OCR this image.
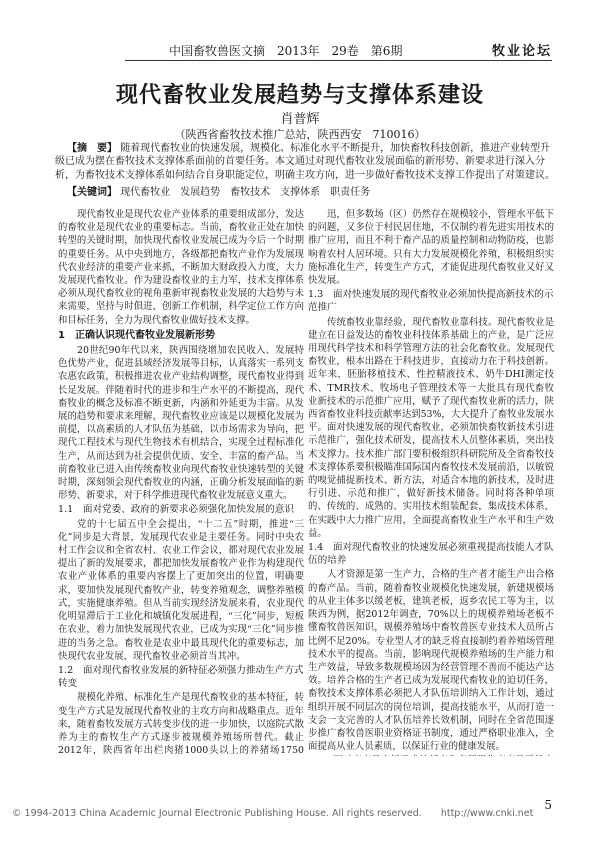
中国畜牧兽医文摘　2013年　29卷　第6期	牧业论坛
现代畜牧业发展趋势与支撑体系建设
肖普辉
（陕西省畜牧技术推广总站，陕西西安　710016）
【摘　要】 随着现代畜牧业的快速发展，规模化、标准化水平不断提升，加快畜牧科技创新，推进产业转型升级已成为摆在畜牧技术支撑体系面前的首要任务。本文通过对现代畜牧业发展面临的新形势、新要求进行深入分析，为畜牧技术支撑体系如何结合自身职能定位，明确主攻方向，进一步做好畜牧技术支撑工作提出了对策建议。
【关键词】 现代畜牧业　发展趋势　畜牧技术　支撑体系　职责任务

现代畜牧业是现代农业产业体系的重要组成部分，发达的畜牧业是现代农业的重要标志。当前，畜牧业正处在加快转型的关键时期，加快现代畜牧业发展已成为今后一个时期的重要任务。从中央到地方，各级都把畜牧产业作为发展现代农业经济的重要产业来抓，不断加大财政投入力度，大力发展现代畜牧业。作为建设畜牧业的主力军，技术支撑体系必须从现代畜牧业的视角重新审视畜牧业发展的大趋势与未来需要，坚持与时俱进，创新工作机制，科学定位工作方向和目标任务，全力为现代畜牧业做好技术支撑。

1　正确认识现代畜牧业发展新形势

20世纪90年代以来，陕西围绕增加农民收入、发展特色优势产业，促进县域经济发展等目标，认真落实一系列支农惠农政策，积极推进农业产业结构调整，现代畜牧业得到长足发展。伴随着时代的进步和生产水平的不断提高，现代畜牧业的概念及标准不断更新，内涵和外延更为丰富。从发展的趋势和要求来理解，现代畜牧业应该是以规模化发展为前提，以高素质的人才队伍为基础，以市场需求为导向，把现代工程技术与现代生物技术有机结合，实现全过程标准化生产，从而达到为社会提供优质、安全、丰富的畜产品。当前畜牧业已进入由传统畜牧业向现代畜牧业快速转型的关键时期，深刻领会现代畜牧业的内涵，正确分析发展面临的新形势、新要求，对于科学推进现代畜牧业发展意义重大。

1.1　面对党委、政府的新要求必须强化加快发展的意识

党的十七届五中全会提出，“十二五”时期，推进“三化”同步是大背景，发展现代农业是主要任务。同时中央农村工作会议和全省农村、农业工作会议，都对现代农业发展提出了新的发展要求，都把加快发展畜牧产业作为构建现代农业产业体系的重要内容摆上了更加突出的位置，明确要求，要加快发展现代畜牧产业，转变养殖观念，调整养殖模式，实施健康养殖。但从当前实现经济发展来看，农业现代化明显滞后于工业化和城镇化发展进程，“三化”同步，短板在农业，着力加快发展现代农业，已成为实现“三化”同步推进的当务之急。畜牧业是农业中最具现代化的重要标志，加快现代农业发展，现代畜牧业必须首当其冲。

1.2　面对现代畜牧业发展的新特征必须强力推动生产方式转变

规模化养殖、标准化生产是现代畜牧业的基本特征，转变生产方式是发展现代畜牧业的主攻方向和战略重点。近年来，随着畜牧发展方式转变步伐的进一步加快，以庭院式散养为主的畜牧生产方式逐步被规模养殖场所替代。截止2012年，陕西省年出栏肉猪1000头以上的养猪场1750

迅，但多数场（区）仍然存在规模较小，管理水平低下的问题，又多位于村民居住地，不仅制约着先进实用技术的推广应用，而且不利于畜产品的质量控制和动物防疫，也影响着农村人居环境。只有大力发展规模化养殖，积极组织实施标准化生产，转变生产方式，才能促进现代畜牧业又好又快发展。

1.3　面对快速发展的现代畜牧业必须加快提高新技术的示范推广

传统畜牧业靠经验，现代畜牧业靠科技。现代畜牧业是建立在日益发达的畜牧业科技体系基础上的产业，是广泛应用现代科学技术和科学管理方法的社会化畜牧业。发展现代畜牧业，根本出路在于科技进步，直接动力在于科技创新。近年来，胚胎移植技术、性控精液技术、奶牛DHI测定技术、TMR技术、牧场电子管理技术等一大批具有现代畜牧业新技术的示范推广应用，赋予了现代畜牧业新的活力，陕西省畜牧业科技贡献率达到53%，大大提升了畜牧业发展水平。面对快速发展的现代畜牧业，必须加快畜牧新技术引进示范推广，强化技术研发，提高技术人员整体素质，突出技术支撑力。技术推广部门要积极组织科研院所及全省畜牧技术支撑体系要积极瞄准国际国内畜牧技术发展前沿，以敏锐的嗅觉捕捉新技术、新方法，对适合本地的新技术，及时进行引进、示范和推广，做好新技术储备。同时将各种单项的、传统的、成熟的、实用技术组装配套，集成技术体系，在实践中大力推广应用，全面提高畜牧业生产水平和生产效益。

1.4　面对现代畜牧业的快速发展必须重视提高技能人才队伍的培养

人才资源是第一生产力，合格的生产者才能生产出合格的畜产品。当前，随着畜牧业规模化快速发展，新建规模场的从业主体多以缓老板，建筑老板，返乡农民工等为主，以陕西为例，据2012年调查，70%以上的规模养殖场老板不懂畜牧兽医知识，规模养殖场中畜牧兽医专业技术人员所占比例不足20%。专业型人才的缺乏将直接制约着养殖场管理技术水平的提高。当前，影响现代规模养殖场的生产能力和生产效益，导致多数规模场因为经营管理不善而不能达产达效。培养合格的生产者已成为发展现代畜牧业的迫切任务，畜牧技术支撑体系必须把人才队伍培训纳入工作计划，通过组织开展不同层次的岗位培训，提高技能水平，从而打造一支会一支完善的人才队伍培养长效机制，同时在全省范围逐步推广畜牧兽医职业资格证书制度，通过严格职业准入，全面提高从业人员素质，以保证行业的健康发展。

© 1994-2013 China Academic Journal Electronic Publishing House. All rights reserved.　　http://www.cnki.net
5
